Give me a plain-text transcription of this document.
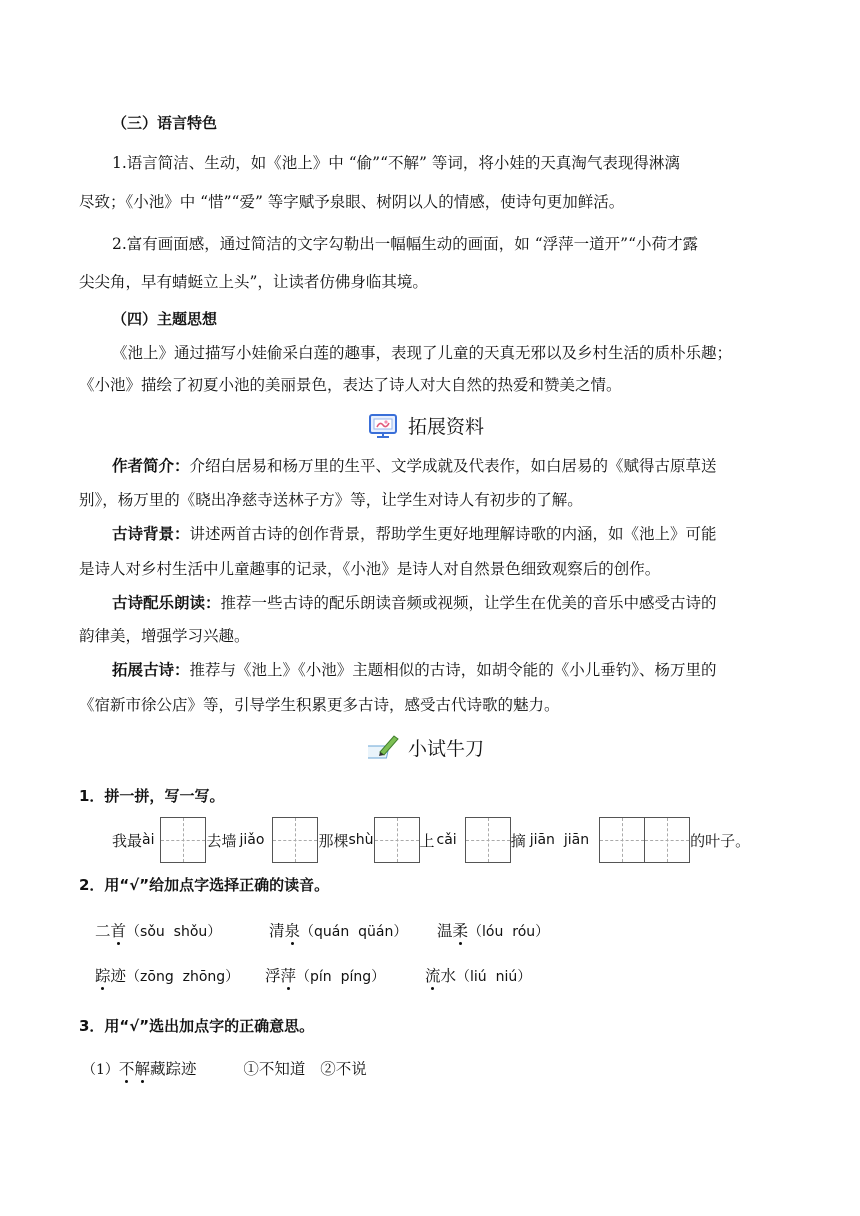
（三）语言特色
1.语言简洁、生动，如《池上》中 “偷”“不解” 等词，将小娃的天真淘气表现得淋漓
尽致；《小池》中 “惜”“爱” 等字赋予泉眼、树阴以人的情感，使诗句更加鲜活。
2.富有画面感，通过简洁的文字勾勒出一幅幅生动的画面，如 “浮萍一道开”“小荷才露
尖尖角，早有蜻蜓立上头”，让读者仿佛身临其境。
（四）主题思想
《池上》通过描写小娃偷采白莲的趣事，表现了儿童的天真无邪以及乡村生活的质朴乐趣；
《小池》描绘了初夏小池的美丽景色，表达了诗人对大自然的热爱和赞美之情。
拓展资料
作者简介：介绍白居易和杨万里的生平、文学成就及代表作，如白居易的《赋得古原草送
别》，杨万里的《晓出净慈寺送林子方》等，让学生对诗人有初步的了解。
古诗背景：讲述两首古诗的创作背景，帮助学生更好地理解诗歌的内涵，如《池上》可能
是诗人对乡村生活中儿童趣事的记录，《小池》是诗人对自然景色细致观察后的创作。
古诗配乐朗读：推荐一些古诗的配乐朗读音频或视频，让学生在优美的音乐中感受古诗的
韵律美，增强学习兴趣。
拓展古诗：推荐与《池上》《小池》主题相似的古诗，如胡令能的《小儿垂钓》、杨万里的
《宿新市徐公店》等，引导学生积累更多古诗，感受古代诗歌的魅力。
小试牛刀
1．拼一拼，写一写。
我最 ài	去墙 jiǎo	那棵 shù	上 cǎi	摘 jiān  jiān	的叶子。
2．用“√”给加点字选择正确的读音。
二首（sǒu  shǒu）	清泉（quán  qüán） 温柔（lóu  róu）
踪迹（zōng  zhōng） 浮萍（pín  píng）	流水（liú  niú）
3．用“√”选出加点字的正确意思。
（1）不解藏踪迹	①不知道   ②不说
